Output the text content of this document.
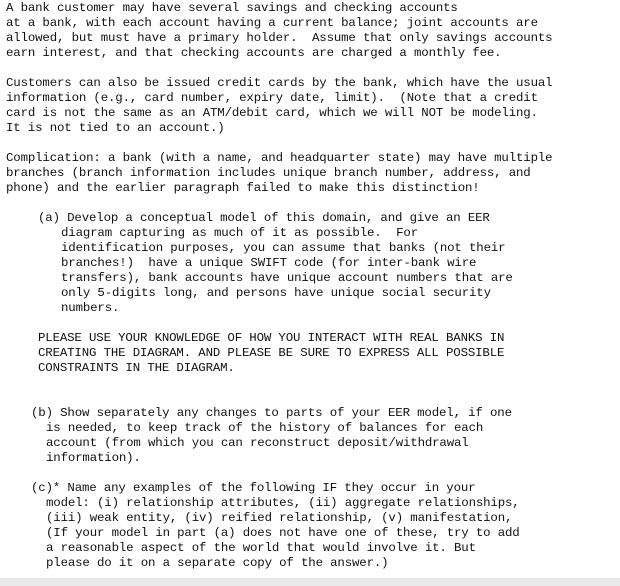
A bank customer may have several savings and checking accounts
at a bank, with each account having a current balance; joint accounts are
allowed, but must have a primary holder.  Assume that only savings accounts
earn interest, and that checking accounts are charged a monthly fee.
Customers can also be issued credit cards by the bank, which have the usual
information (e.g., card number, expiry date, limit).  (Note that a credit
card is not the same as an ATM/debit card, which we will NOT be modeling.
It is not tied to an account.)
Complication: a bank (with a name, and headquarter state) may have multiple
branches (branch information includes unique branch number, address, and
phone) and the earlier paragraph failed to make this distinction!
(a) Develop a conceptual model of this domain, and give an EER
diagram capturing as much of it as possible.  For
identification purposes, you can assume that banks (not their
branches!)  have a unique SWIFT code (for inter-bank wire
transfers), bank accounts have unique account numbers that are
only 5-digits long, and persons have unique social security
numbers.
PLEASE USE YOUR KNOWLEDGE OF HOW YOU INTERACT WITH REAL BANKS IN
CREATING THE DIAGRAM. AND PLEASE BE SURE TO EXPRESS ALL POSSIBLE
CONSTRAINTS IN THE DIAGRAM.
(b) Show separately any changes to parts of your EER model, if one
is needed, to keep track of the history of balances for each
account (from which you can reconstruct deposit/withdrawal
information).
(c)* Name any examples of the following IF they occur in your
model: (i) relationship attributes, (ii) aggregate relationships,
(iii) weak entity, (iv) reified relationship, (v) manifestation,
(If your model in part (a) does not have one of these, try to add
a reasonable aspect of the world that would involve it. But
please do it on a separate copy of the answer.)
